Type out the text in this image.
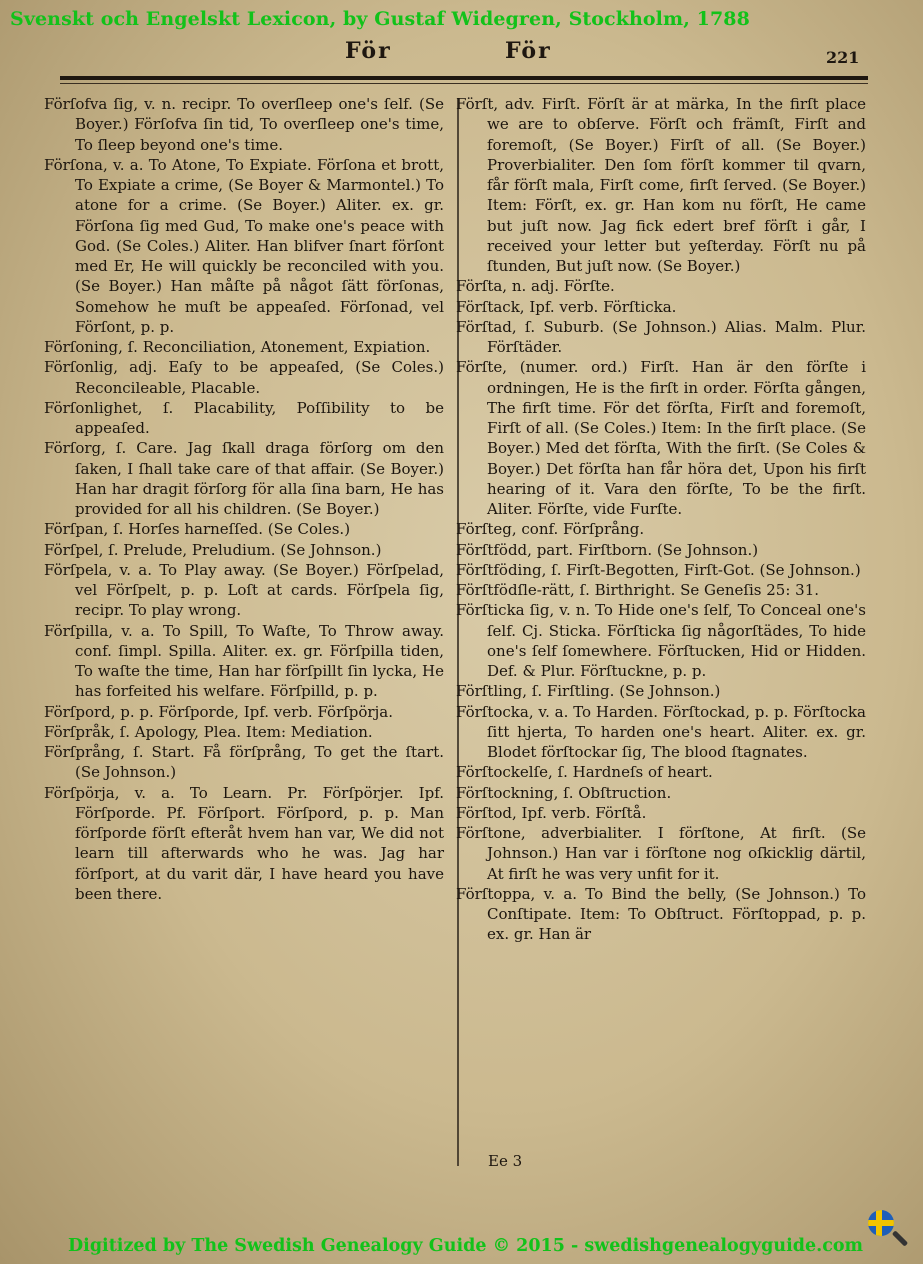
Svenskt och Engelskt Lexicon, by Gustaf Widegren, Stockholm, 1788
För	För	221

Förſofva ſig, v. n. recipr. To overſleep one's ſelf. (Se Boyer.) Förſofva ſin tid, To overſleep one's time, To ſleep beyond one's time.

Förſona, v. a. To Atone, To Expiate. Förſona et brott, To Expiate a crime, (Se Boyer & Marmontel.) To atone for a crime. (Se Boyer.) Aliter. ex. gr. Förſona ſig med Gud, To make one's peace with God. (Se Coles.) Aliter. Han blifver ſnart förſont med Er, He will quickly be reconciled with you. (Se Boyer.) Han måſte på något ſätt förſonas, Somehow he muſt be appeaſed. Förſonad, vel Förſont, p. p.

Förſoning, ſ. Reconciliation, Atonement, Expiation.

Förſonlig, adj. Eaſy to be appeaſed, (Se Coles.) Reconcileable, Placable.

Förſonlighet, ſ. Placability, Poſſibility to be appeaſed.

Förſorg, ſ. Care. Jag ſkall draga förſorg om den ſaken, I ſhall take care of that affair. (Se Boyer.) Han har dragit förſorg för alla ſina barn, He has provided for all his children. (Se Boyer.)

Förſpan, ſ. Horſes harneſſed. (Se Coles.)

Förſpel, ſ. Prelude, Preludium. (Se Johnson.)

Förſpela, v. a. To Play away. (Se Boyer.) Förſpelad, vel Förſpelt, p. p. Loſt at cards. Förſpela ſig, recipr. To play wrong.

Förſpilla, v. a. To Spill, To Waſte, To Throw away. conf. ſimpl. Spilla. Aliter. ex. gr. Förſpilla tiden, To waſte the time, Han har förſpillt ſin lycka, He has forfeited his welfare. Förſpilld, p. p.

Förſpord, p. p. Förſporde, Ipf. verb. Förſpörja.

Förſpråk, ſ. Apology, Plea. Item: Mediation.

Förſprång, ſ. Start. Få förſprång, To get the ſtart. (Se Johnson.)

Förſpörja, v. a. To Learn. Pr. Förſpörjer. Ipf. Förſporde. Pf. Förſport. Förſpord, p. p. Man förſporde förſt efteråt hvem han var, We did not learn till afterwards who he was. Jag har förſport, at du varit där, I have heard you have been there.

Förſt, adv. Firſt. Förſt är at märka, In the firſt place we are to obſerve. Förſt och främſt, Firſt and foremoſt, (Se Boyer.) Firſt of all. (Se Boyer.) Proverbialiter. Den ſom förſt kommer til qvarn, får förſt mala, Firſt come, firſt ſerved. (Se Boyer.) Item: Förſt, ex. gr. Han kom nu förſt, He came but juſt now. Jag fick edert bref förſt i går, I received your letter but yeſterday. Förſt nu på ſtunden, But juſt now. (Se Boyer.)

Förſta, n. adj. Förſte.

Förſtack, Ipf. verb. Förſticka.

Förſtad, ſ. Suburb. (Se Johnson.) Alias. Malm. Plur. Förſtäder.

Förſte, (numer. ord.) Firſt. Han är den förſte i ordningen, He is the firſt in order. Förſta gången, The firſt time. För det förſta, Firſt and foremoſt, Firſt of all. (Se Coles.) Item: In the firſt place. (Se Boyer.) Med det förſta, With the firſt. (Se Coles & Boyer.) Det förſta han får höra det, Upon his firſt hearing of it. Vara den förſte, To be the firſt. Aliter. Förſte, vide Furſte.

Förſteg, conf. Förſprång.

Förſtfödd, part. Firſtborn. (Se Johnson.)

Förſtföding, ſ. Firſt-Begotten, Firſt-Got. (Se Johnson.)

Förſtfödſle-rätt, ſ. Birthright. Se Geneſis 25: 31.

Förſticka ſig, v. n. To Hide one's ſelf, To Conceal one's ſelf. Cj. Sticka. Förſticka ſig någorſtädes, To hide one's ſelf ſomewhere. Förſtucken, Hid or Hidden. Def. & Plur. Förſtuckne, p. p.

Förſtling, ſ. Firſtling. (Se Johnson.)

Förſtocka, v. a. To Harden. Förſtockad, p. p. Förſtocka ſitt hjerta, To harden one's heart. Aliter. ex. gr. Blodet förſtockar ſig, The blood ſtagnates.

Förſtockelſe, ſ. Hardneſs of heart.

Förſtockning, ſ. Obſtruction.

Förſtod, Ipf. verb. Förſtå.

Förſtone, adverbialiter. I förſtone, At firſt. (Se Johnson.) Han var i förſtone nog oſkicklig därtil, At firſt he was very unfit for it.

Förſtoppa, v. a. To Bind the belly, (Se Johnson.) To Conſtipate. Item: To Obſtruct. Förſtoppad, p. p. ex. gr. Han är

Ee 3
Digitized by The Swedish Genealogy Guide © 2015 - swedishgenealogyguide.com
